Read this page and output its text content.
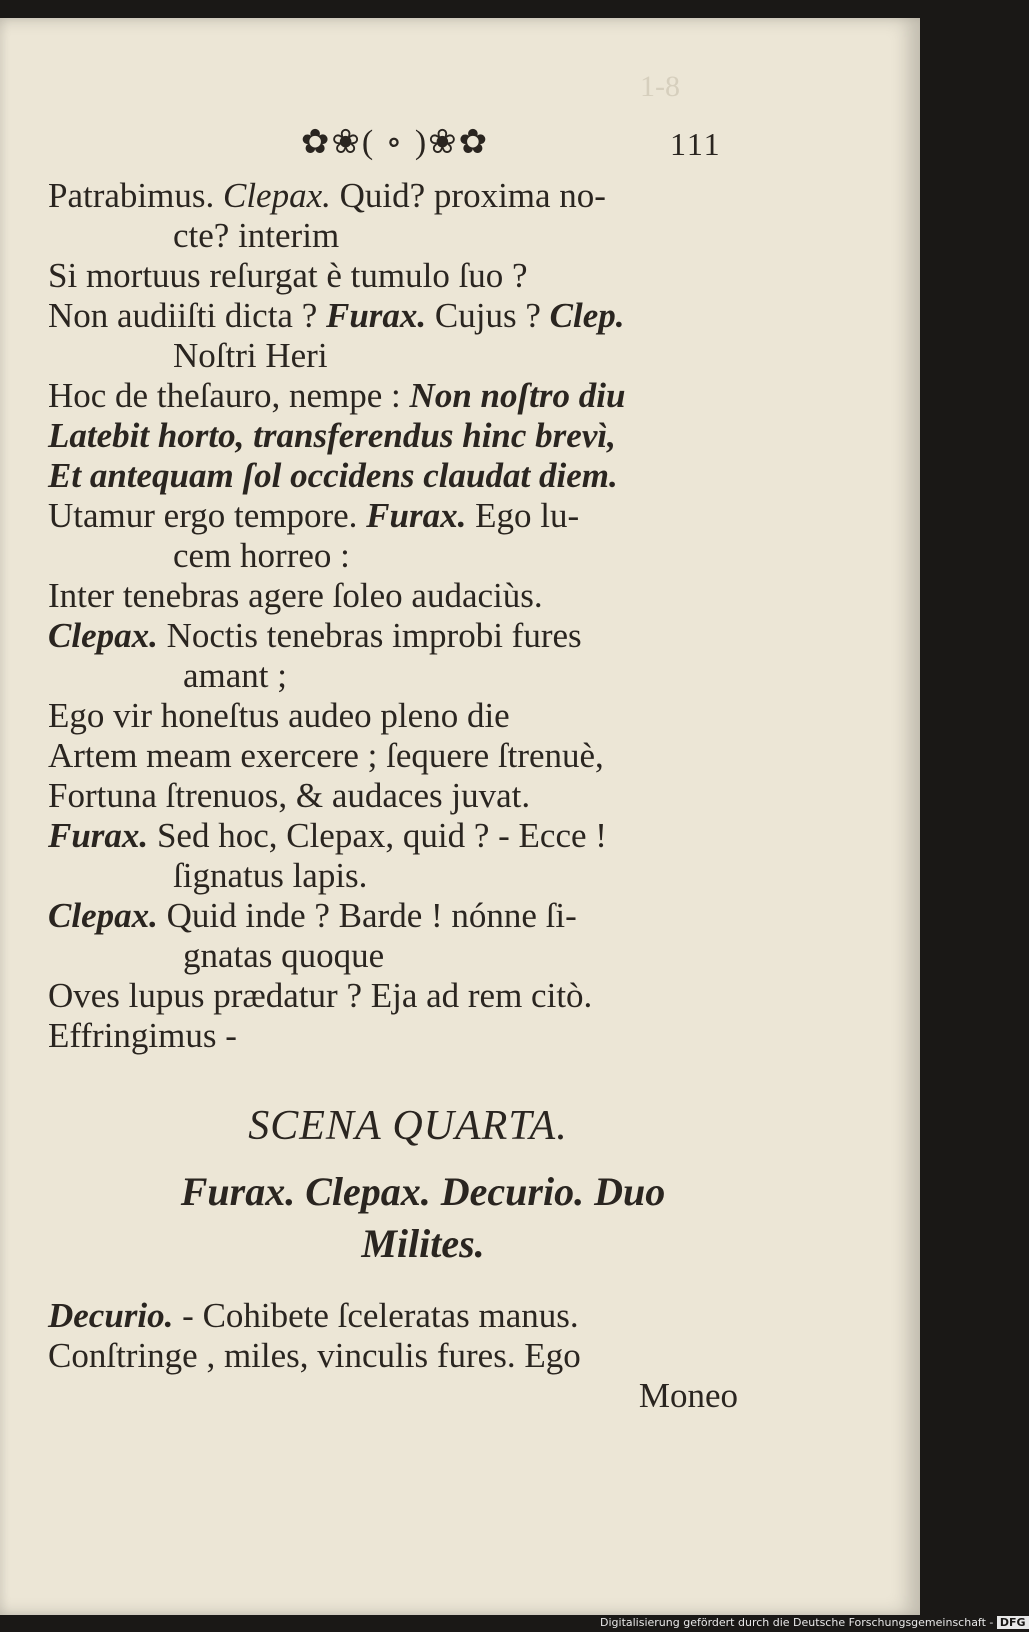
1-8
✿❀( ∘ )❀✿	111
Patrabimus. Clepax. Quid? proxima no-
cte? interim
Si mortuus reſurgat è tumulo ſuo ?
Non audiiſti dicta ? Furax. Cujus ? Clep.
Noſtri Heri
Hoc de theſauro, nempe : Non noſtro diu
Latebit horto, transferendus hinc brevì,
Et antequam ſol occidens claudat diem.
Utamur ergo tempore. Furax. Ego lu-
cem horreo :
Inter tenebras agere ſoleo audaciùs.
Clepax. Noctis tenebras improbi fures
amant ;
Ego vir honeſtus audeo pleno die
Artem meam exercere ; ſequere ſtrenuè,
Fortuna ſtrenuos, & audaces juvat.
Furax. Sed hoc, Clepax, quid ? - Ecce !
ſignatus lapis.
Clepax. Quid inde ? Barde ! nónne ſi-
gnatas quoque
Oves lupus prædatur ? Eja ad rem citò.
Effringimus -
SCENA QUARTA.
Furax. Clepax. Decurio. Duo
Milites.
Decurio. - Cohibete ſceleratas manus.
Conſtringe , miles, vinculis fures. Ego
Moneo
Digitalisierung gefördert durch die Deutsche Forschungsgemeinschaft - DFG
